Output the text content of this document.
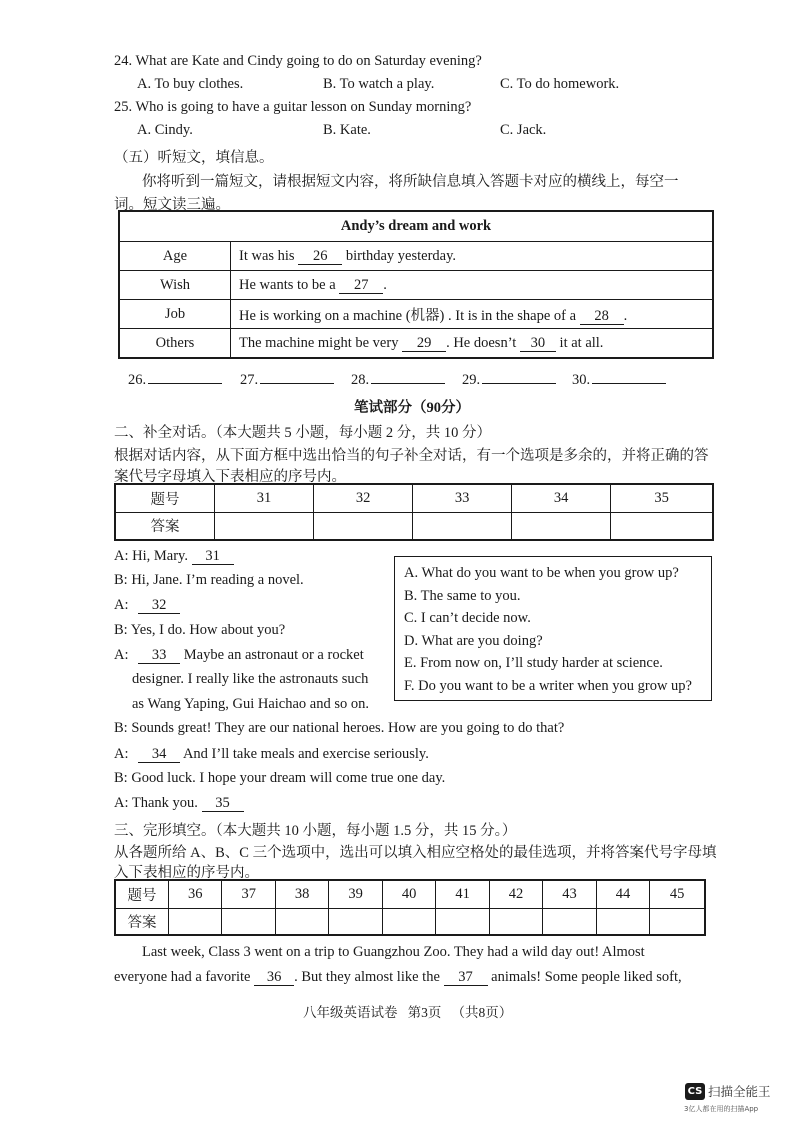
24. What are Kate and Cindy going to do on Saturday evening?
A. To buy clothes.	B. To watch a play.	C. To do homework.
25. Who is going to have a guitar lesson on Sunday morning?
A. Cindy.	B. Kate.	C. Jack.
（五）听短文，填信息。
你将听到一篇短文，请根据短文内容，将所缺信息填入答题卡对应的横线上，每空一
词。短文读三遍。
Andy’s dream and work	
Age	It was his 26 birthday yesterday.
Wish	He wants to be a 27 .
Job	He is working on a machine (机器) . It is in the shape of a 28 .
Others	The machine might be very 29 . He doesn’t 30 it at all.
26.	27.	28.	29.	30.
笔试部分（90分）
二、补全对话。（本大题共 5 小题，每小题 2 分，共 10 分）
根据对话内容，从下面方框中选出恰当的句子补全对话，有一个选项是多余的，并将正确的答
案代号字母填入下表相应的序号内。
题号	31	32	33	34	35
答案					
A: Hi, Mary. 31
B: Hi, Jane. I’m reading a novel.
A: 32
B: Yes, I do. How about you?
A: 33 Maybe an astronaut or a rocket
designer. I really like the astronauts such
as Wang Yaping, Gui Haichao and so on.
B: Sounds great! They are our national heroes. How are you going to do that?
A: 34 And I’ll take meals and exercise seriously.
B: Good luck. I hope your dream will come true one day.
A: Thank you. 35
A. What do you want to be when you grow up?
B. The same to you.
C. I can’t decide now.
D. What are you doing?
E. From now on, I’ll study harder at science.
F. Do you want to be a writer when you grow up?
三、完形填空。（本大题共 10 小题，每小题 1.5 分，共 15 分。）
从各题所给 A、B、C 三个选项中，选出可以填入相应空格处的最佳选项，并将答案代号字母填
入下表相应的序号内。
题号	36	37	38	39	40	41	42	43	44	45
答案										
Last week, Class 3 went on a trip to Guangzhou Zoo. They had a wild day out! Almost
everyone had a favorite 36 . But they almost like the 37 animals! Some people liked soft,
八年级英语试卷   第3页   （共8页）
CS 扫描全能王
3亿人都在用的扫描App
